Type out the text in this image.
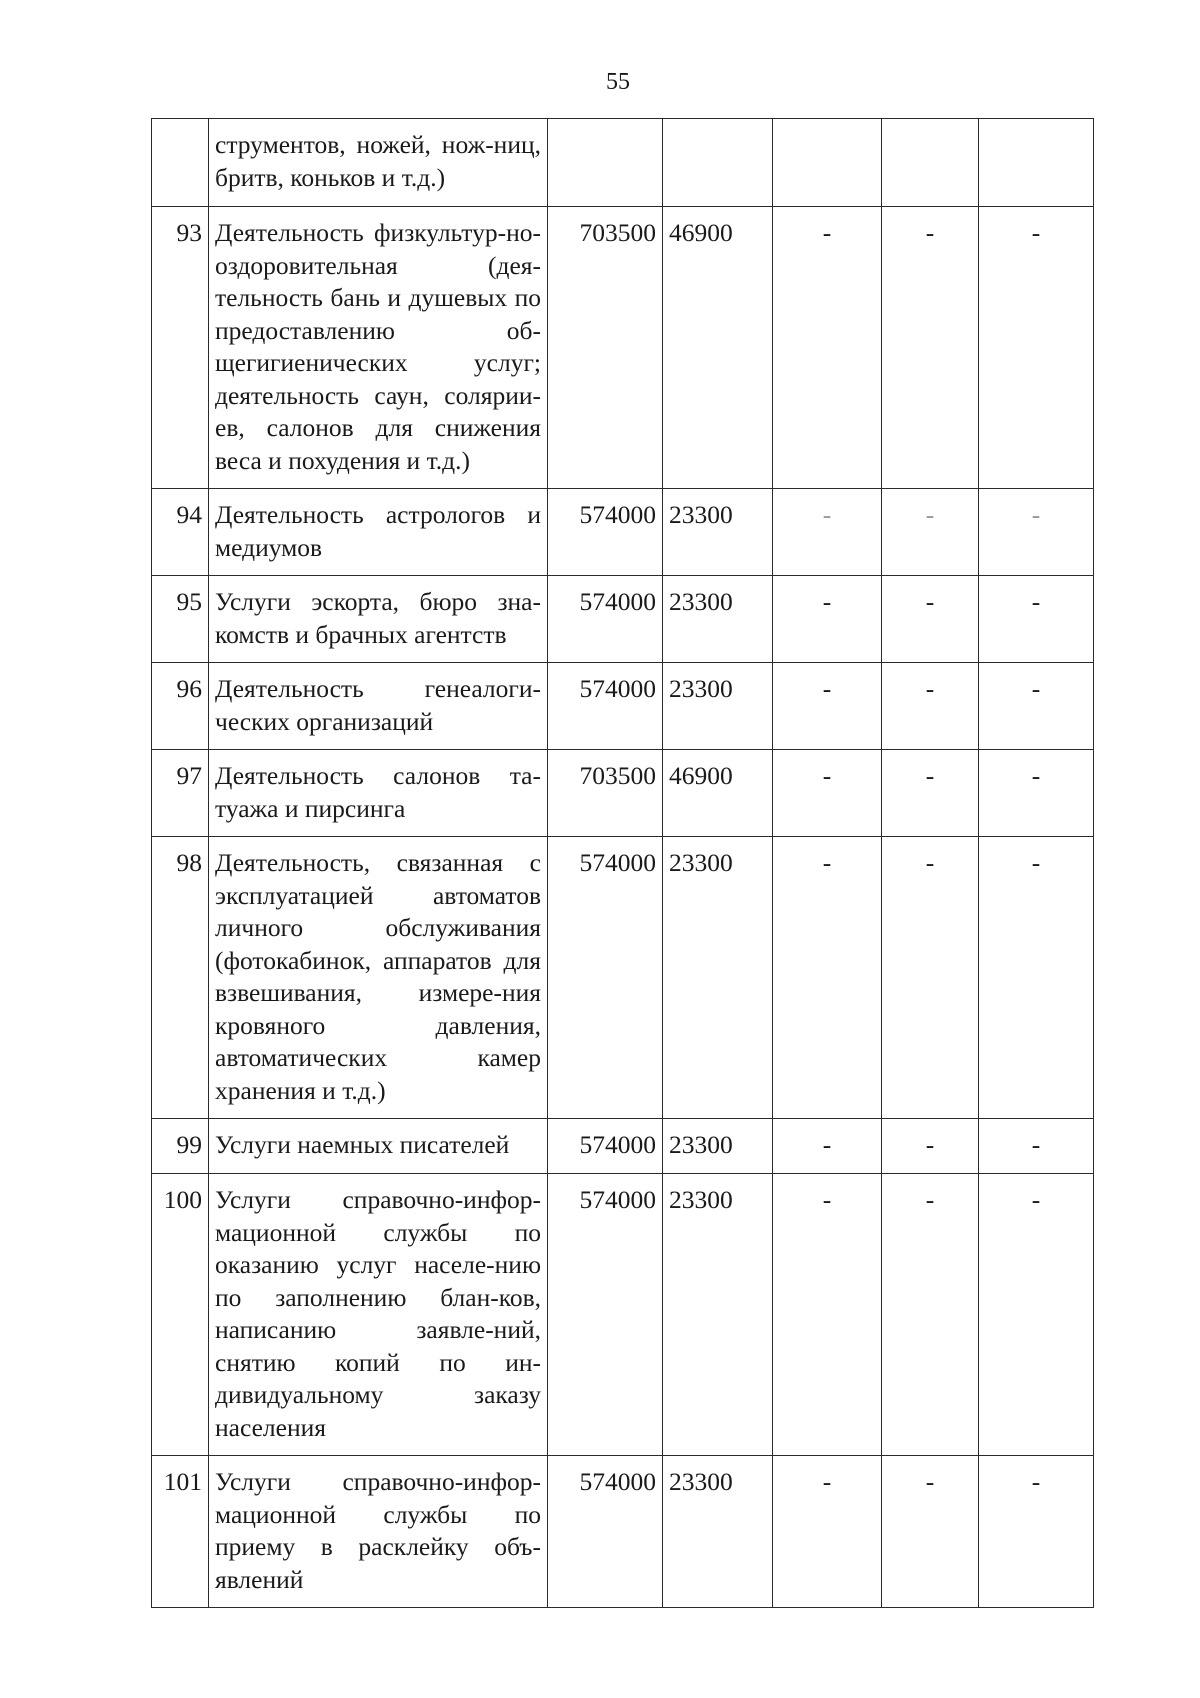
55
	струментов, ножей, нож-ниц, бритв, коньков и т.д.)					
93	Деятельность физкультур-но-оздоровительная (дея-тельность бань и душевых по предоставлению об-щегигиенических услуг; деятельность саун, солярии-ев, салонов для снижения веса и похудения и т.д.)	703500	46900	-	-	-
94	Деятельность астрологов и медиумов	574000	23300	-	-	-
95	Услуги эскорта, бюро зна-комств и брачных агентств	574000	23300	-	-	-
96	Деятельность генеалоги-ческих организаций	574000	23300	-	-	-
97	Деятельность салонов та-туажа и пирсинга	703500	46900	-	-	-
98	Деятельность, связанная с эксплуатацией автоматов личного обслуживания (фотокабинок, аппаратов для взвешивания, измере-ния кровяного давления, автоматических камер хранения и т.д.)	574000	23300	-	-	-
99	Услуги наемных писателей	574000	23300	-	-	-
100	Услуги справочно-инфор-мационной службы по оказанию услуг населе-нию по заполнению блан-ков, написанию заявле-ний, снятию копий по ин-дивидуальному заказу населения	574000	23300	-	-	-
101	Услуги справочно-инфор-мационной службы по приему в расклейку объ-явлений	574000	23300	-	-	-
